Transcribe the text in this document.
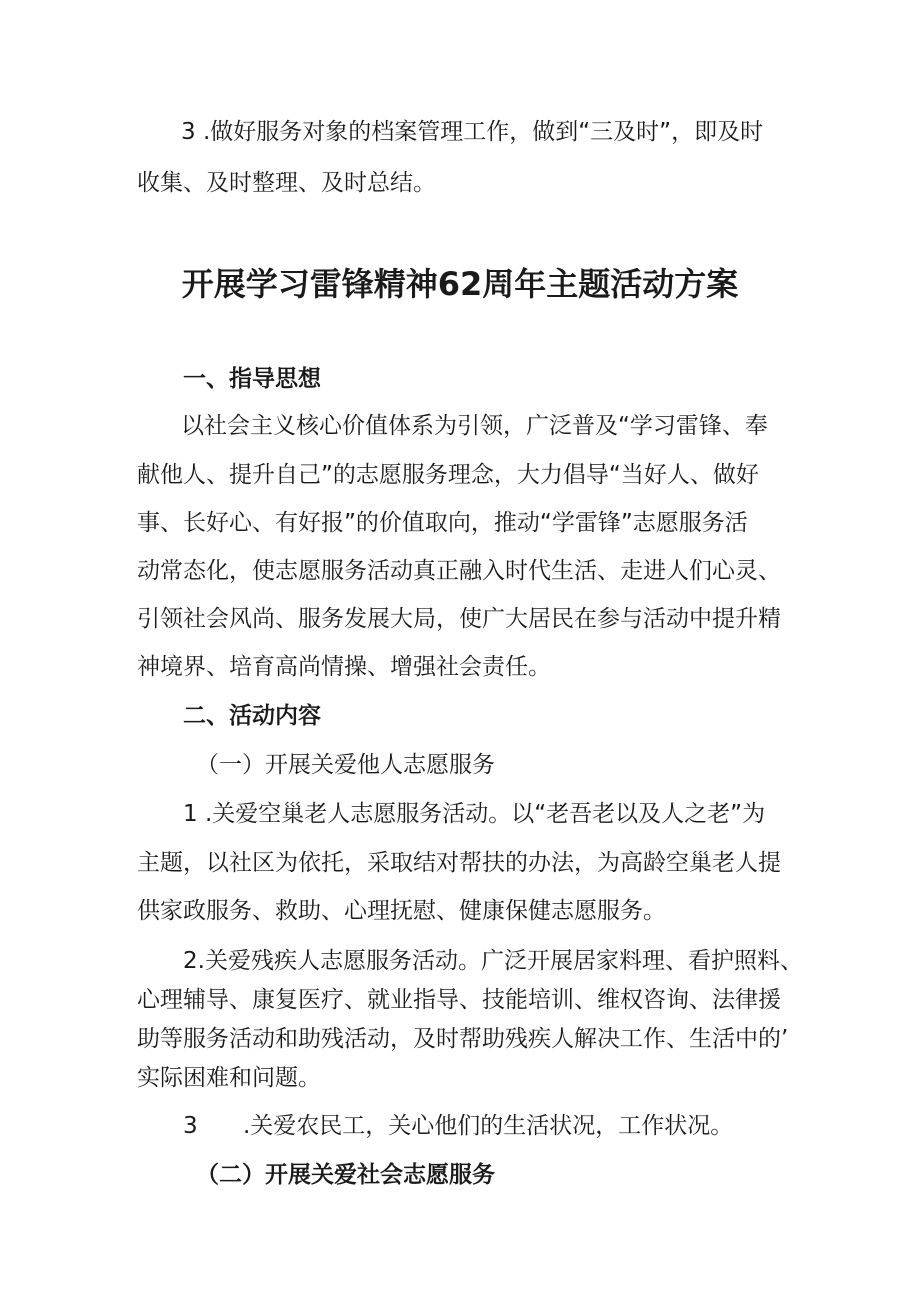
3 .做好服务对象的档案管理工作，做到“三及时”，即及时

收集、及时整理、及时总结。

开展学习雷锋精神62周年主题活动方案

一、指导思想

以社会主义核心价值体系为引领，广泛普及“学习雷锋、奉

献他人、提升自己”的志愿服务理念，大力倡导“当好人、做好

事、长好心、有好报”的价值取向，推动“学雷锋”志愿服务活

动常态化，使志愿服务活动真正融入时代生活、走进人们心灵、

引领社会风尚、服务发展大局，使广大居民在参与活动中提升精

神境界、培育高尚情操、增强社会责任。

二、活动内容

（一）开展关爱他人志愿服务

1 .关爱空巢老人志愿服务活动。以“老吾老以及人之老”为

主题，以社区为依托，采取结对帮扶的办法，为高龄空巢老人提

供家政服务、救助、心理抚慰、健康保健志愿服务。

2.关爱残疾人志愿服务活动。广泛开展居家料理、看护照料、

心理辅导、康复医疗、就业指导、技能培训、维权咨询、法律援

助等服务活动和助残活动，及时帮助残疾人解决工作、生活中的’

实际困难和问题。

3 .关爱农民工，关心他们的生活状况，工作状况。

（二）开展关爱社会志愿服务
